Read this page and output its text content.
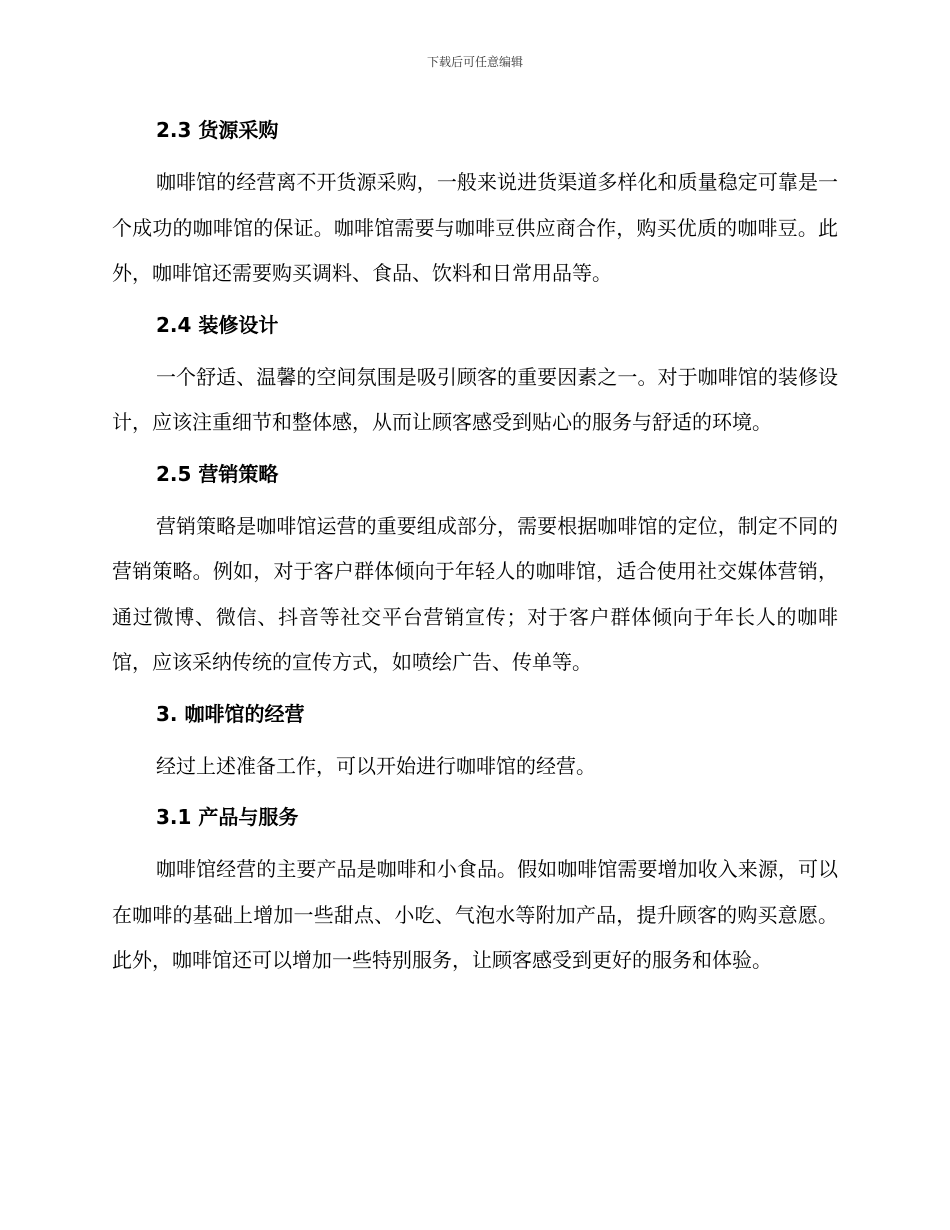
下载后可任意编辑
2.3 货源采购

咖啡馆的经营离不开货源采购，一般来说进货渠道多样化和质量稳定可靠是一个成功的咖啡馆的保证。咖啡馆需要与咖啡豆供应商合作，购买优质的咖啡豆。此外，咖啡馆还需要购买调料、食品、饮料和日常用品等。

2.4 装修设计

一个舒适、温馨的空间氛围是吸引顾客的重要因素之一。对于咖啡馆的装修设计，应该注重细节和整体感，从而让顾客感受到贴心的服务与舒适的环境。

2.5 营销策略

营销策略是咖啡馆运营的重要组成部分，需要根据咖啡馆的定位，制定不同的营销策略。例如，对于客户群体倾向于年轻人的咖啡馆，适合使用社交媒体营销，通过微博、微信、抖音等社交平台营销宣传；对于客户群体倾向于年长人的咖啡馆，应该采纳传统的宣传方式，如喷绘广告、传单等。

3. 咖啡馆的经营

经过上述准备工作，可以开始进行咖啡馆的经营。

3.1 产品与服务

咖啡馆经营的主要产品是咖啡和小食品。假如咖啡馆需要增加收入来源，可以在咖啡的基础上增加一些甜点、小吃、气泡水等附加产品，提升顾客的购买意愿。此外，咖啡馆还可以增加一些特别服务，让顾客感受到更好的服务和体验。
